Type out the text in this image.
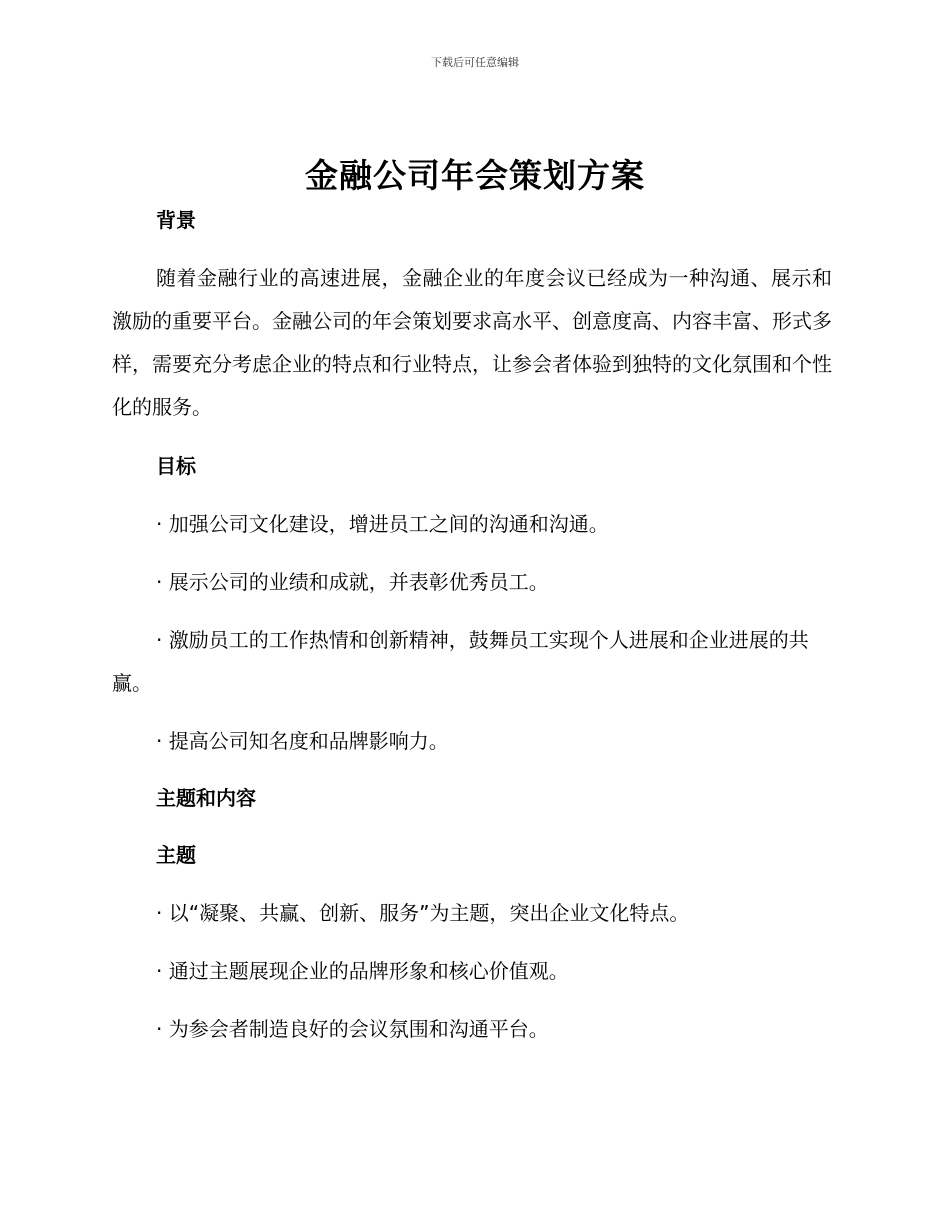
下载后可任意编辑
金融公司年会策划方案
背景
随着金融行业的高速进展，金融企业的年度会议已经成为一种沟通、展示和激励的重要平台。金融公司的年会策划要求高水平、创意度高、内容丰富、形式多样，需要充分考虑企业的特点和行业特点，让参会者体验到独特的文化氛围和个性化的服务。
目标
· 加强公司文化建设，增进员工之间的沟通和沟通。
· 展示公司的业绩和成就，并表彰优秀员工。
· 激励员工的工作热情和创新精神，鼓舞员工实现个人进展和企业进展的共赢。
· 提高公司知名度和品牌影响力。
主题和内容
主题
· 以“凝聚、共赢、创新、服务”为主题，突出企业文化特点。
· 通过主题展现企业的品牌形象和核心价值观。
· 为参会者制造良好的会议氛围和沟通平台。
